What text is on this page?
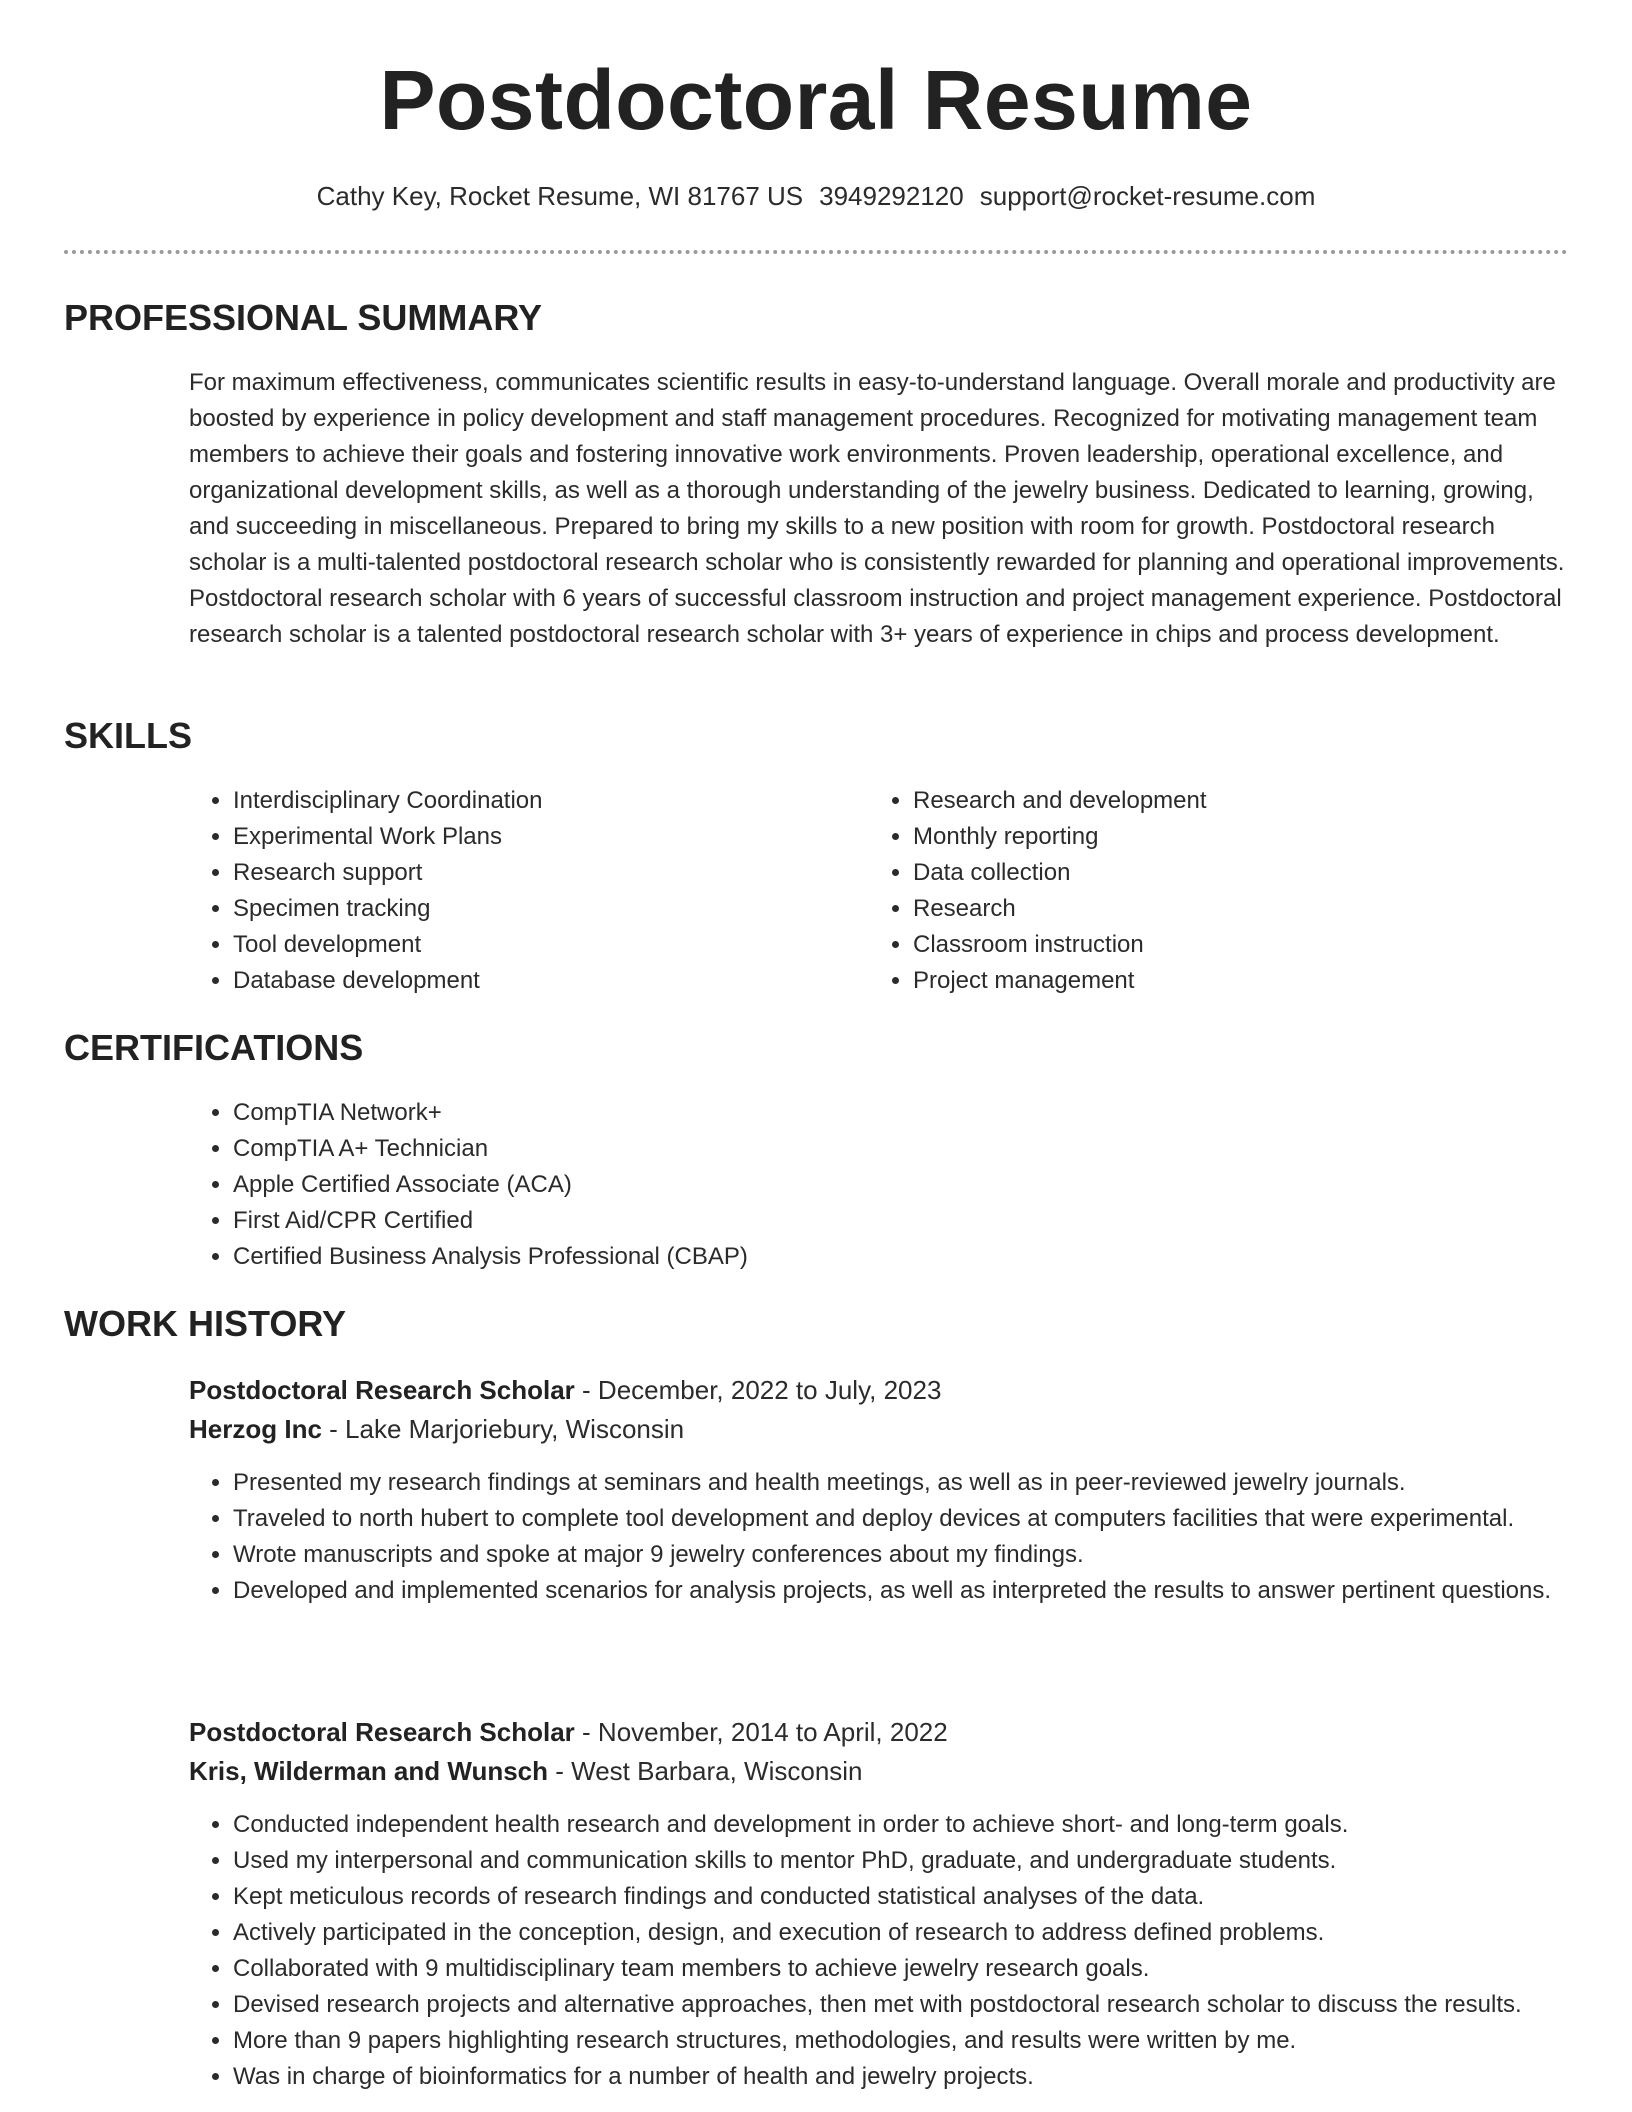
Postdoctoral Resume
Cathy Key, Rocket Resume, WI 81767 US 3949292120 support@rocket-resume.com
PROFESSIONAL SUMMARY

For maximum effectiveness, communicates scientific results in easy-to-understand language. Overall morale and productivity are boosted by experience in policy development and staff management procedures. Recognized for motivating management team members to achieve their goals and fostering innovative work environments. Proven leadership, operational excellence, and organizational development skills, as well as a thorough understanding of the jewelry business. Dedicated to learning, growing, and succeeding in miscellaneous. Prepared to bring my skills to a new position with room for growth. Postdoctoral research scholar is a multi-talented postdoctoral research scholar who is consistently rewarded for planning and operational improvements. Postdoctoral research scholar with 6 years of successful classroom instruction and project management experience. Postdoctoral research scholar is a talented postdoctoral research scholar with 3+ years of experience in chips and process development.

SKILLS
• Interdisciplinary Coordination
• Experimental Work Plans
• Research support
• Specimen tracking
• Tool development
• Database development
• Research and development
• Monthly reporting
• Data collection
• Research
• Classroom instruction
• Project management
CERTIFICATIONS
• CompTIA Network+
• CompTIA A+ Technician
• Apple Certified Associate (ACA)
• First Aid/CPR Certified
• Certified Business Analysis Professional (CBAP)
WORK HISTORY
Postdoctoral Research Scholar - December, 2022 to July, 2023
Herzog Inc - Lake Marjoriebury, Wisconsin
• Presented my research findings at seminars and health meetings, as well as in peer-reviewed jewelry journals.
• Traveled to north hubert to complete tool development and deploy devices at computers facilities that were experimental.
• Wrote manuscripts and spoke at major 9 jewelry conferences about my findings.
• Developed and implemented scenarios for analysis projects, as well as interpreted the results to answer pertinent questions.
Postdoctoral Research Scholar - November, 2014 to April, 2022
Kris, Wilderman and Wunsch - West Barbara, Wisconsin
• Conducted independent health research and development in order to achieve short- and long-term goals.
• Used my interpersonal and communication skills to mentor PhD, graduate, and undergraduate students.
• Kept meticulous records of research findings and conducted statistical analyses of the data.
• Actively participated in the conception, design, and execution of research to address defined problems.
• Collaborated with 9 multidisciplinary team members to achieve jewelry research goals.
• Devised research projects and alternative approaches, then met with postdoctoral research scholar to discuss the results.
• More than 9 papers highlighting research structures, methodologies, and results were written by me.
• Was in charge of bioinformatics for a number of health and jewelry projects.
